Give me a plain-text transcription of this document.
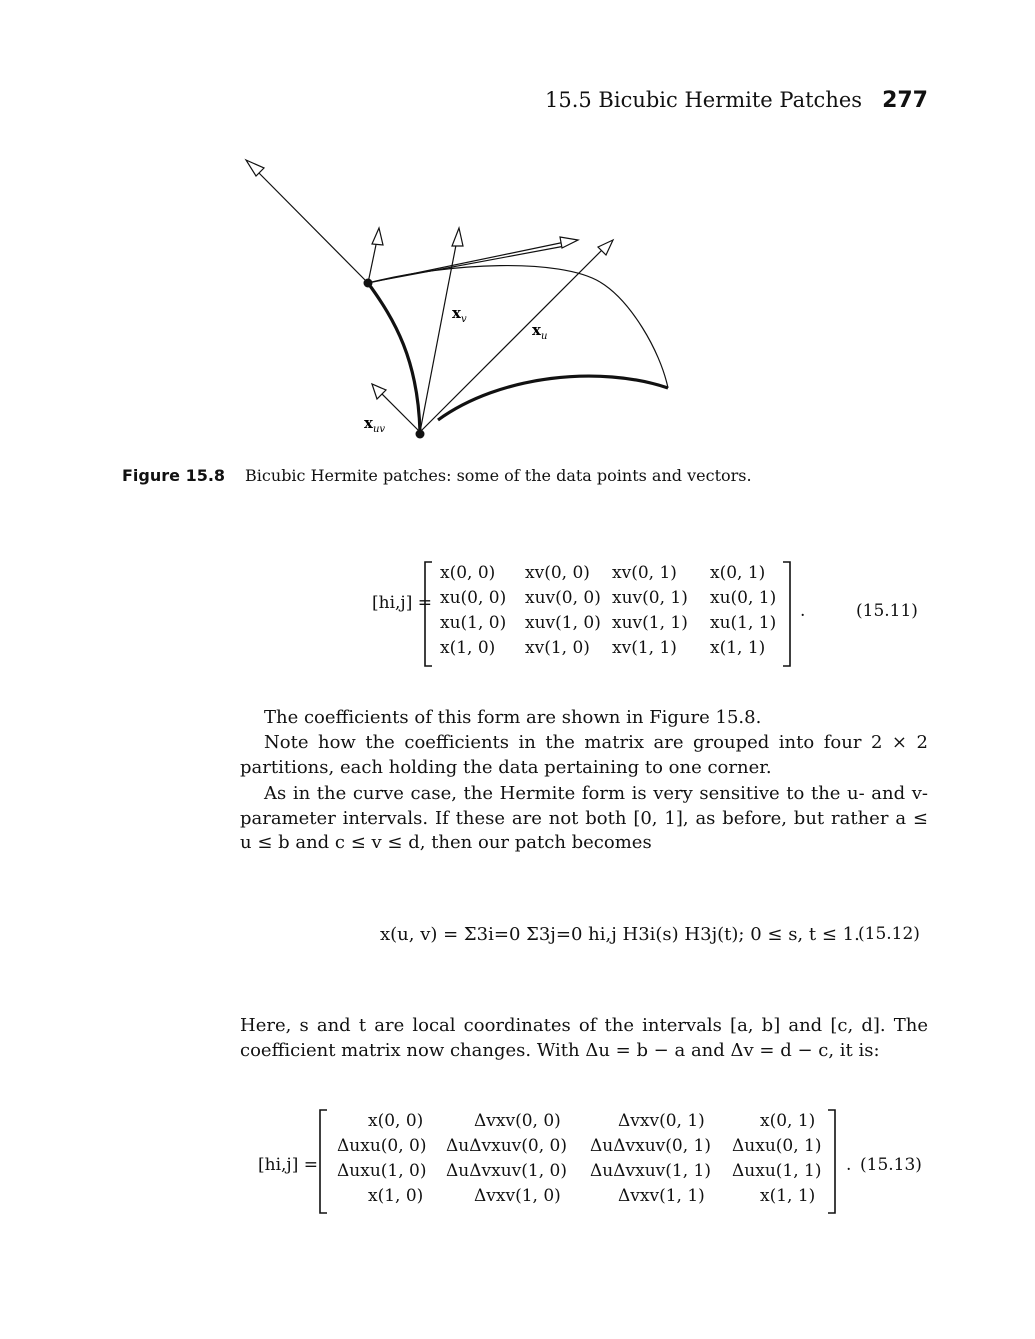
15.5 Bicubic Hermite Patches 277
$x_v$
$x_u$
$x_{uv}$
Figure 15.8 Bicubic Hermite patches: some of the data points and vectors.
[hi,j] =
x(0, 0) xv(0, 0) xv(0, 1) x(0, 1)
xu(0, 0) xuv(0, 0) xuv(0, 1) xu(0, 1)
xu(1, 0) xuv(1, 0) xuv(1, 1) xu(1, 1)
x(1, 0) xv(1, 0) xv(1, 1) x(1, 1)
.	(15.11)

The coefficients of this form are shown in Figure 15.8.

Note how the coefficients in the matrix are grouped into four 2 × 2 partitions, each holding the data pertaining to one corner.

As in the curve case, the Hermite form is very sensitive to the u- and v-parameter intervals. If these are not both [0, 1], as before, but rather a ≤ u ≤ b and c ≤ v ≤ d, then our patch becomes

x(u, v) = Σ3i=0 Σ3j=0 hi,j H3i(s) H3j(t); 0 ≤ s, t ≤ 1.
(15.12)

Here, s and t are local coordinates of the intervals [a, b] and [c, d]. The coefficient matrix now changes. With Δu = b − a and Δv = d − c, it is:

[hi,j] =
x(0, 0)	Δvxv(0, 0)	Δvxv(0, 1)	x(0, 1)
Δuxu(0, 0) ΔuΔvxuv(0, 0) ΔuΔvxuv(0, 1) Δuxu(0, 1)
Δuxu(1, 0) ΔuΔvxuv(1, 0) ΔuΔvxuv(1, 1) Δuxu(1, 1)
x(1, 0)	Δvxv(1, 0)	Δvxv(1, 1)	x(1, 1)
. (15.13)
